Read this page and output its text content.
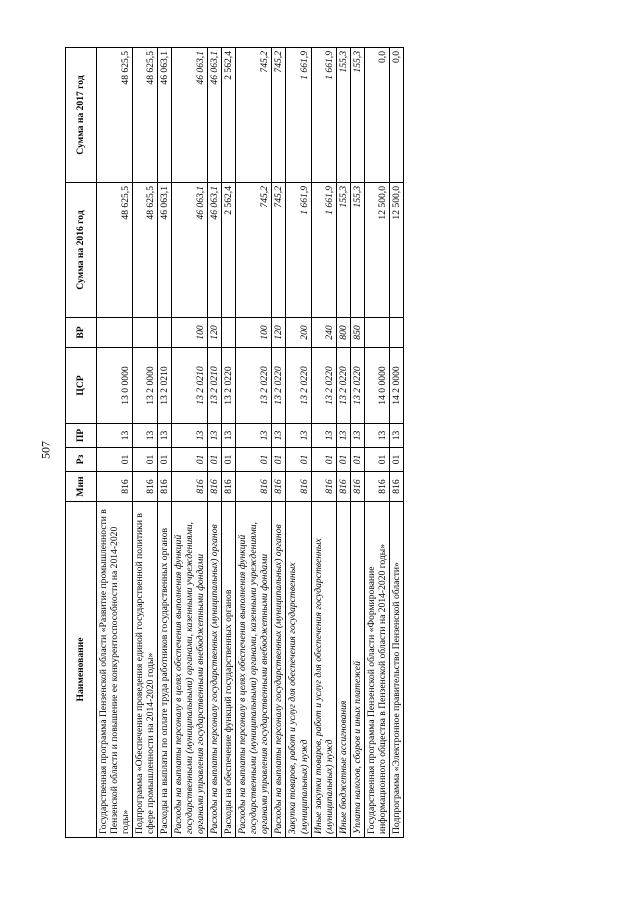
507
Наименование	Мин	Рз	ПР	ЦСР	ВР	Сумма на 2016 год	Сумма на 2017 год
Государственная программа Пензенской области «Развитие промышленности в Пензенской области и повышение ее конкурентоспособности на 2014-2020 годы»	816	01	13	13 0 0000		48 625,5	48 625,5
Подпрограмма «Обеспечение проведения единой государственной политики в сфере промышленности на 2014-2020 годы»	816	01	13	13 2 0000		48 625,5	48 625,5
Расходы на выплаты по оплате труда работников государственных органов	816	01	13	13 2 0210		46 063,1	46 063,1
Расходы на выплаты персоналу в целях обеспечения выполнения функций государственными (муниципальными) органами, казенными учреждениями, органами управления государственными внебюджетными фондами	816	01	13	13 2 0210	100	46 063,1	46 063,1
Расходы на выплаты персоналу государственных (муниципальных) органов	816	01	13	13 2 0210	120	46 063,1	46 063,1
Расходы на обеспечение функций государственных органов	816	01	13	13 2 0220		2 562,4	2 562,4
Расходы на выплаты персоналу в целях обеспечения выполнения функций государственными (муниципальными) органами, казенными учреждениями, органами управления государственными внебюджетными фондами	816	01	13	13 2 0220	100	745,2	745,2
Расходы на выплаты персоналу государственных (муниципальных) органов	816	01	13	13 2 0220	120	745,2	745,2
Закупка товаров, работ и услуг для обеспечения государственных (муниципальных) нужд	816	01	13	13 2 0220	200	1 661,9	1 661,9
Иные закупки товаров, работ и услуг для обеспечения государственных (муниципальных) нужд	816	01	13	13 2 0220	240	1 661,9	1 661,9
Иные бюджетные ассигнования	816	01	13	13 2 0220	800	155,3	155,3
Уплата налогов, сборов и иных платежей	816	01	13	13 2 0220	850	155,3	155,3
Государственная программа Пензенской области «Формирование информационного общества в Пензенской области на 2014-2020 годы»	816	01	13	14 0 0000		12 500,0	0,0
Подпрограмма «Электронное правительство Пензенской области»	816	01	13	14 2 0000		12 500,0	0,0
